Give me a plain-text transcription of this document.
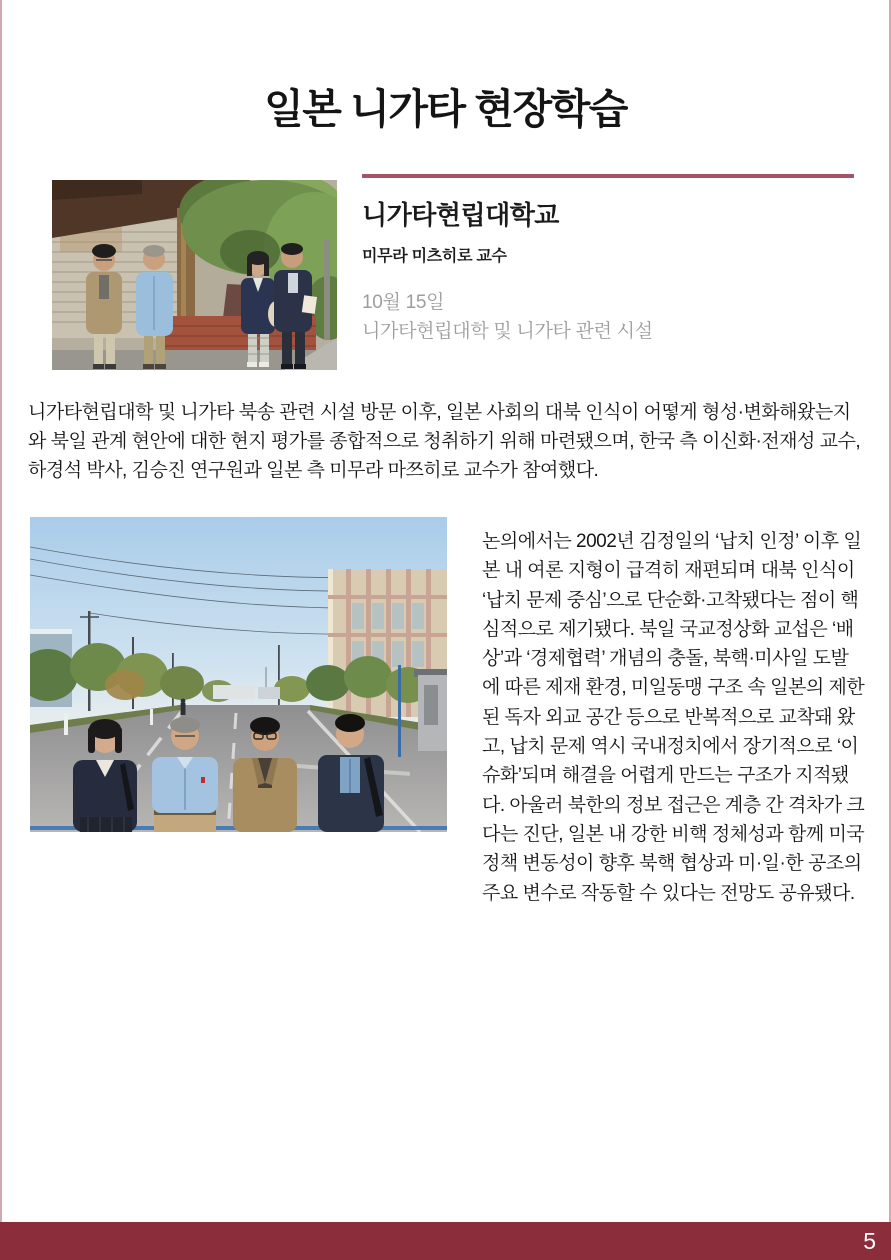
일본 니가타 현장학습
니가타현립대학교
미무라 미츠히로 교수

10월 15일

니가타현립대학 및 니가타 관련 시설

니가타현립대학 및 니가타 북송 관련 시설 방문 이후, 일본 사회의 대북 인식이 어떻게 형성·변화해왔는지와 북일 관계 현안에 대한 현지 평가를 종합적으로 청취하기 위해 마련됐으며, 한국 측 이신화·전재성 교수, 하경석 박사, 김승진 연구원과 일본 측 미무라 마쯔히로 교수가 참여했다.

논의에서는 2002년 김정일의 ‘납치 인정’ 이후 일본 내 여론 지형이 급격히 재편되며 대북 인식이 ‘납치 문제 중심’으로 단순화·고착됐다는 점이 핵심적으로 제기됐다. 북일 국교정상화 교섭은 ‘배상’과 ‘경제협력’ 개념의 충돌, 북핵·미사일 도발에 따른 제재 환경, 미일동맹 구조 속 일본의 제한된 독자 외교 공간 등으로 반복적으로 교착돼 왔고, 납치 문제 역시 국내정치에서 장기적으로 ‘이슈화’되며 해결을 어렵게 만드는 구조가 지적됐다. 아울러 북한의 정보 접근은 계층 간 격차가 크다는 진단, 일본 내 강한 비핵 정체성과 함께 미국 정책 변동성이 향후 북핵 협상과 미·일·한 공조의 주요 변수로 작동할 수 있다는 전망도 공유됐다.

5
